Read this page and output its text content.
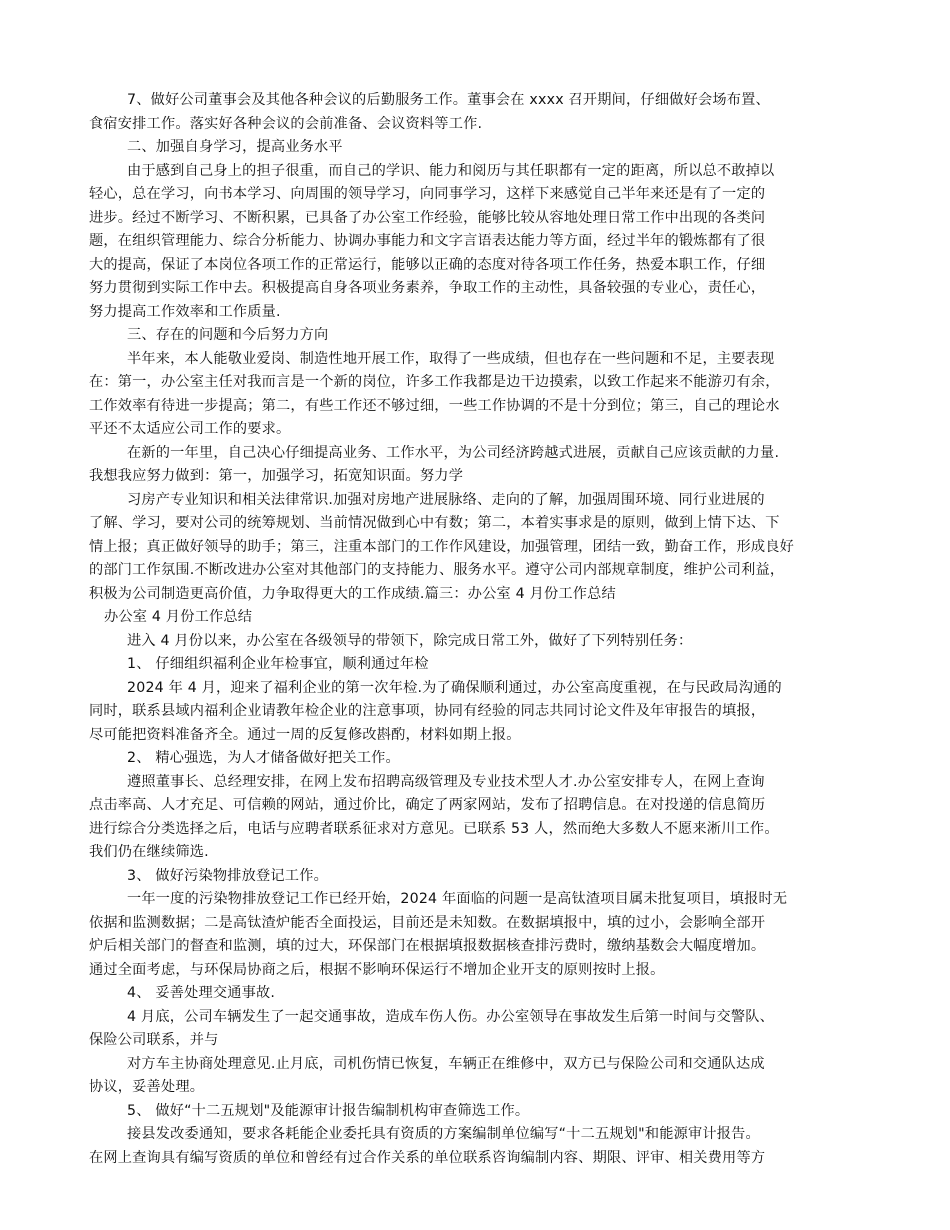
7、做好公司董事会及其他各种会议的后勤服务工作。董事会在 xxxx 召开期间，仔细做好会场布置、
食宿安排工作。落实好各种会议的会前准备、会议资料等工作.
二、加强自身学习，提高业务水平
由于感到自己身上的担子很重，而自己的学识、能力和阅历与其任职都有一定的距离，所以总不敢掉以
轻心，总在学习，向书本学习、向周围的领导学习，向同事学习，这样下来感觉自己半年来还是有了一定的
进步。经过不断学习、不断积累，已具备了办公室工作经验，能够比较从容地处理日常工作中出现的各类问
题，在组织管理能力、综合分析能力、协调办事能力和文字言语表达能力等方面，经过半年的锻炼都有了很
大的提高，保证了本岗位各项工作的正常运行，能够以正确的态度对待各项工作任务，热爱本职工作，仔细
努力贯彻到实际工作中去。积极提高自身各项业务素养，争取工作的主动性，具备较强的专业心，责任心，
努力提高工作效率和工作质量.
三、存在的问题和今后努力方向
半年来，本人能敬业爱岗、制造性地开展工作，取得了一些成绩，但也存在一些问题和不足，主要表现
在：第一，办公室主任对我而言是一个新的岗位，许多工作我都是边干边摸索，以致工作起来不能游刃有余，
工作效率有待进一步提高；第二，有些工作还不够过细，一些工作协调的不是十分到位；第三，自己的理论水
平还不太适应公司工作的要求。
在新的一年里，自己决心仔细提高业务、工作水平，为公司经济跨越式进展，贡献自己应该贡献的力量.
我想我应努力做到：第一，加强学习，拓宽知识面。努力学
习房产专业知识和相关法律常识.加强对房地产进展脉络、走向的了解，加强周围环境、同行业进展的
了解、学习，要对公司的统筹规划、当前情况做到心中有数；第二，本着实事求是的原则，做到上情下达、下
情上报；真正做好领导的助手；第三，注重本部门的工作作风建设，加强管理，团结一致，勤奋工作，形成良好
的部门工作氛围.不断改进办公室对其他部门的支持能力、服务水平。遵守公司内部规章制度，维护公司利益，
积极为公司制造更高价值，力争取得更大的工作成绩.篇三：办公室 4 月份工作总结
办公室 4 月份工作总结
进入 4 月份以来，办公室在各级领导的带领下，除完成日常工外，做好了下列特别任务：
1、 仔细组织福利企业年检事宜，顺利通过年检
2024 年 4 月，迎来了福利企业的第一次年检.为了确保顺利通过，办公室高度重视，在与民政局沟通的
同时，联系县域内福利企业请教年检企业的注意事项，协同有经验的同志共同讨论文件及年审报告的填报，
尽可能把资料准备齐全。通过一周的反复修改斟酌，材料如期上报。
2、 精心强选，为人才储备做好把关工作。
遵照董事长、总经理安排，在网上发布招聘高级管理及专业技术型人才.办公室安排专人，在网上查询
点击率高、人才充足、可信赖的网站，通过价比，确定了两家网站，发布了招聘信息。在对投递的信息简历
进行综合分类选择之后，电话与应聘者联系征求对方意见。已联系 53 人，然而绝大多数人不愿来淅川工作。
我们仍在继续筛选.
3、 做好污染物排放登记工作。
一年一度的污染物排放登记工作已经开始，2024 年面临的问题一是高钛渣项目属未批复项目，填报时无
依据和监测数据；二是高钛渣炉能否全面投运，目前还是未知数。在数据填报中，填的过小，会影响全部开
炉后相关部门的督查和监测，填的过大，环保部门在根据填报数据核查排污费时，缴纳基数会大幅度增加。
通过全面考虑，与环保局协商之后，根据不影响环保运行不增加企业开支的原则按时上报。
4、 妥善处理交通事故.
4 月底，公司车辆发生了一起交通事故，造成车伤人伤。办公室领导在事故发生后第一时间与交警队、
保险公司联系，并与
对方车主协商处理意见.止月底，司机伤情已恢复，车辆正在维修中，双方已与保险公司和交通队达成
协议，妥善处理。
5、 做好“十二五规划"及能源审计报告编制机构审查筛选工作。
接县发改委通知，要求各耗能企业委托具有资质的方案编制单位编写“十二五规划"和能源审计报告。
在网上查询具有编写资质的单位和曾经有过合作关系的单位联系咨询编制内容、期限、评审、相关费用等方
